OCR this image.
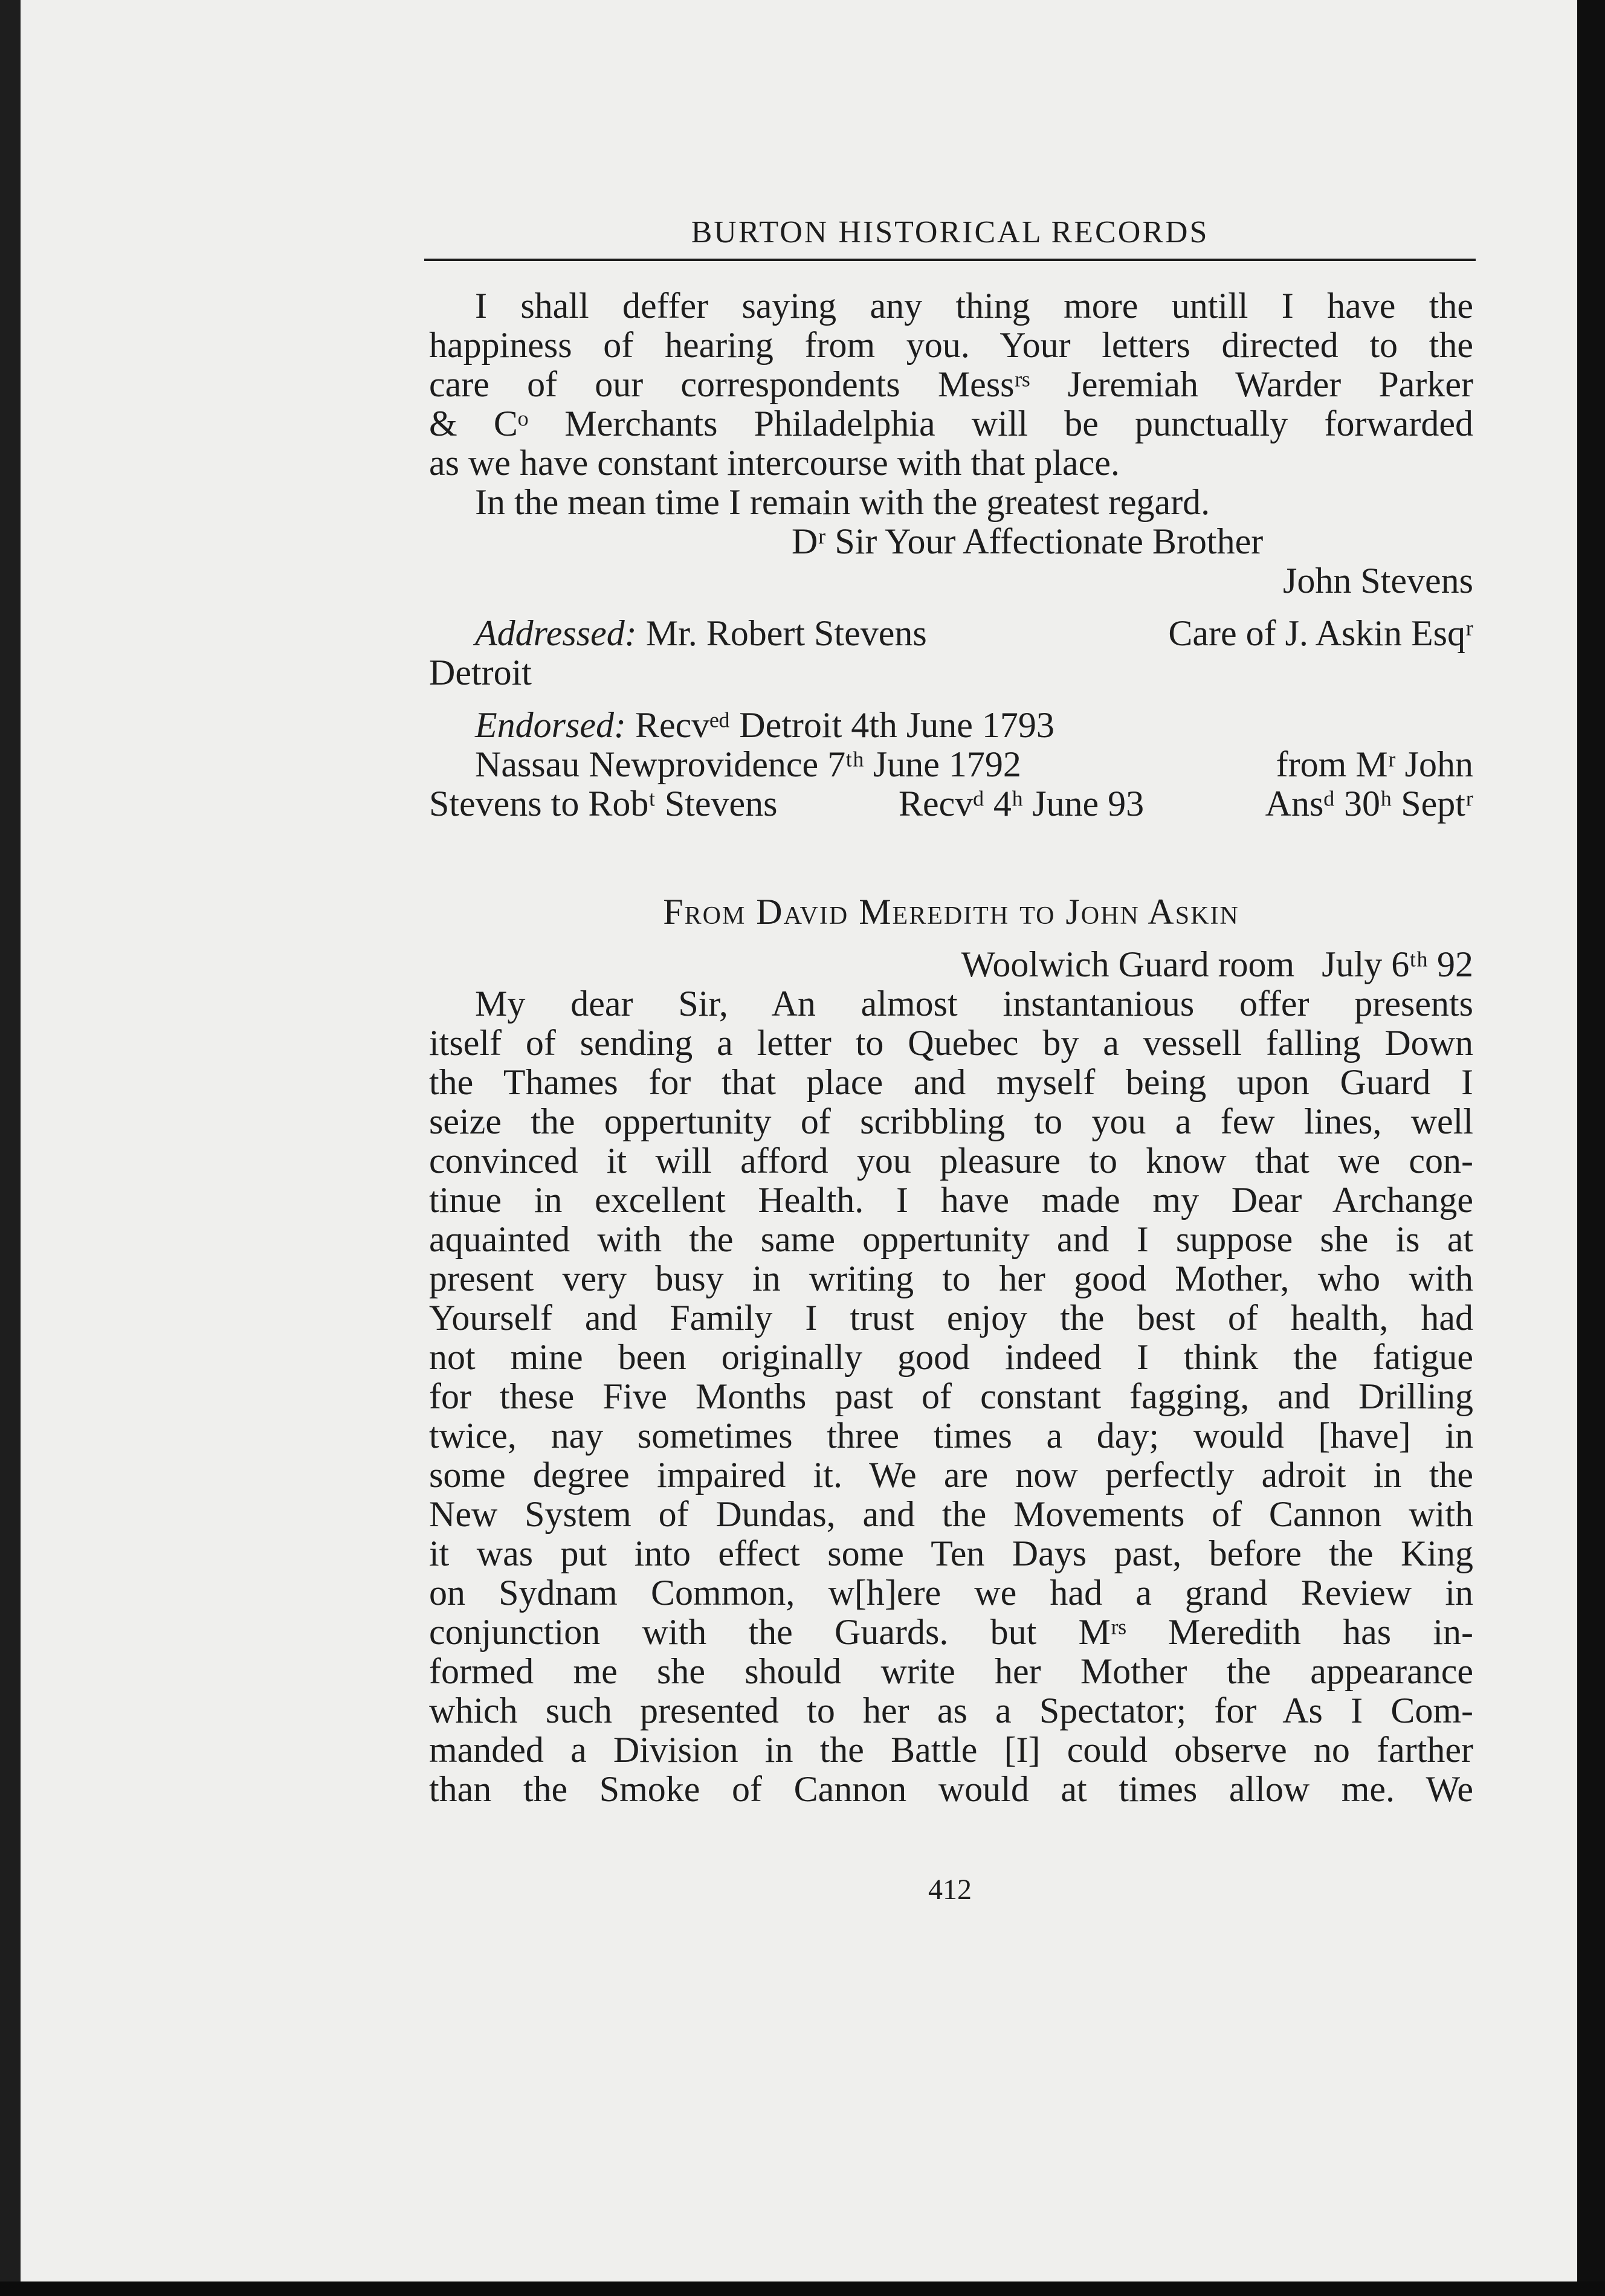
BURTON HISTORICAL RECORDS
I shall deffer saying any thing more untill I have the
happiness of hearing from you. Your letters directed to the
care of our correspondents Messʳˢ Jeremiah Warder Parker
& Cᵒ Merchants Philadelphia will be punctually forwarded
as we have constant intercourse with that place.
In the mean time I remain with the greatest regard.
Dʳ Sir Your Affectionate Brother
John Stevens
Addressed: Mr. Robert Stevens	Care of J. Askin Esqʳ
Detroit
Endorsed: Recvᵉᵈ Detroit 4th June 1793
Nassau Newprovidence 7ᵗʰ June 1792	from Mʳ John
Stevens to Robᵗ Stevens	Recvᵈ 4ʰ June 93	Ansᵈ 30ʰ Septʳ
From David Meredith to John Askin
Woolwich Guard room July 6ᵗʰ 92
My dear Sir, An almost instantanious offer presents
itself of sending a letter to Quebec by a vessell falling Down
the Thames for that place and myself being upon Guard I
seize the oppertunity of scribbling to you a few lines, well
convinced it will afford you pleasure to know that we con-
tinue in excellent Health. I have made my Dear Archange
aquainted with the same oppertunity and I suppose she is at
present very busy in writing to her good Mother, who with
Yourself and Family I trust enjoy the best of health, had
not mine been originally good indeed I think the fatigue
for these Five Months past of constant fagging, and Drilling
twice, nay sometimes three times a day; would [have] in
some degree impaired it. We are now perfectly adroit in the
New System of Dundas, and the Movements of Cannon with
it was put into effect some Ten Days past, before the King
on Sydnam Common, w[h]ere we had a grand Review in
conjunction with the Guards. but Mʳˢ Meredith has in-
formed me she should write her Mother the appearance
which such presented to her as a Spectator; for As I Com-
manded a Division in the Battle [I] could observe no farther
than the Smoke of Cannon would at times allow me. We
412
